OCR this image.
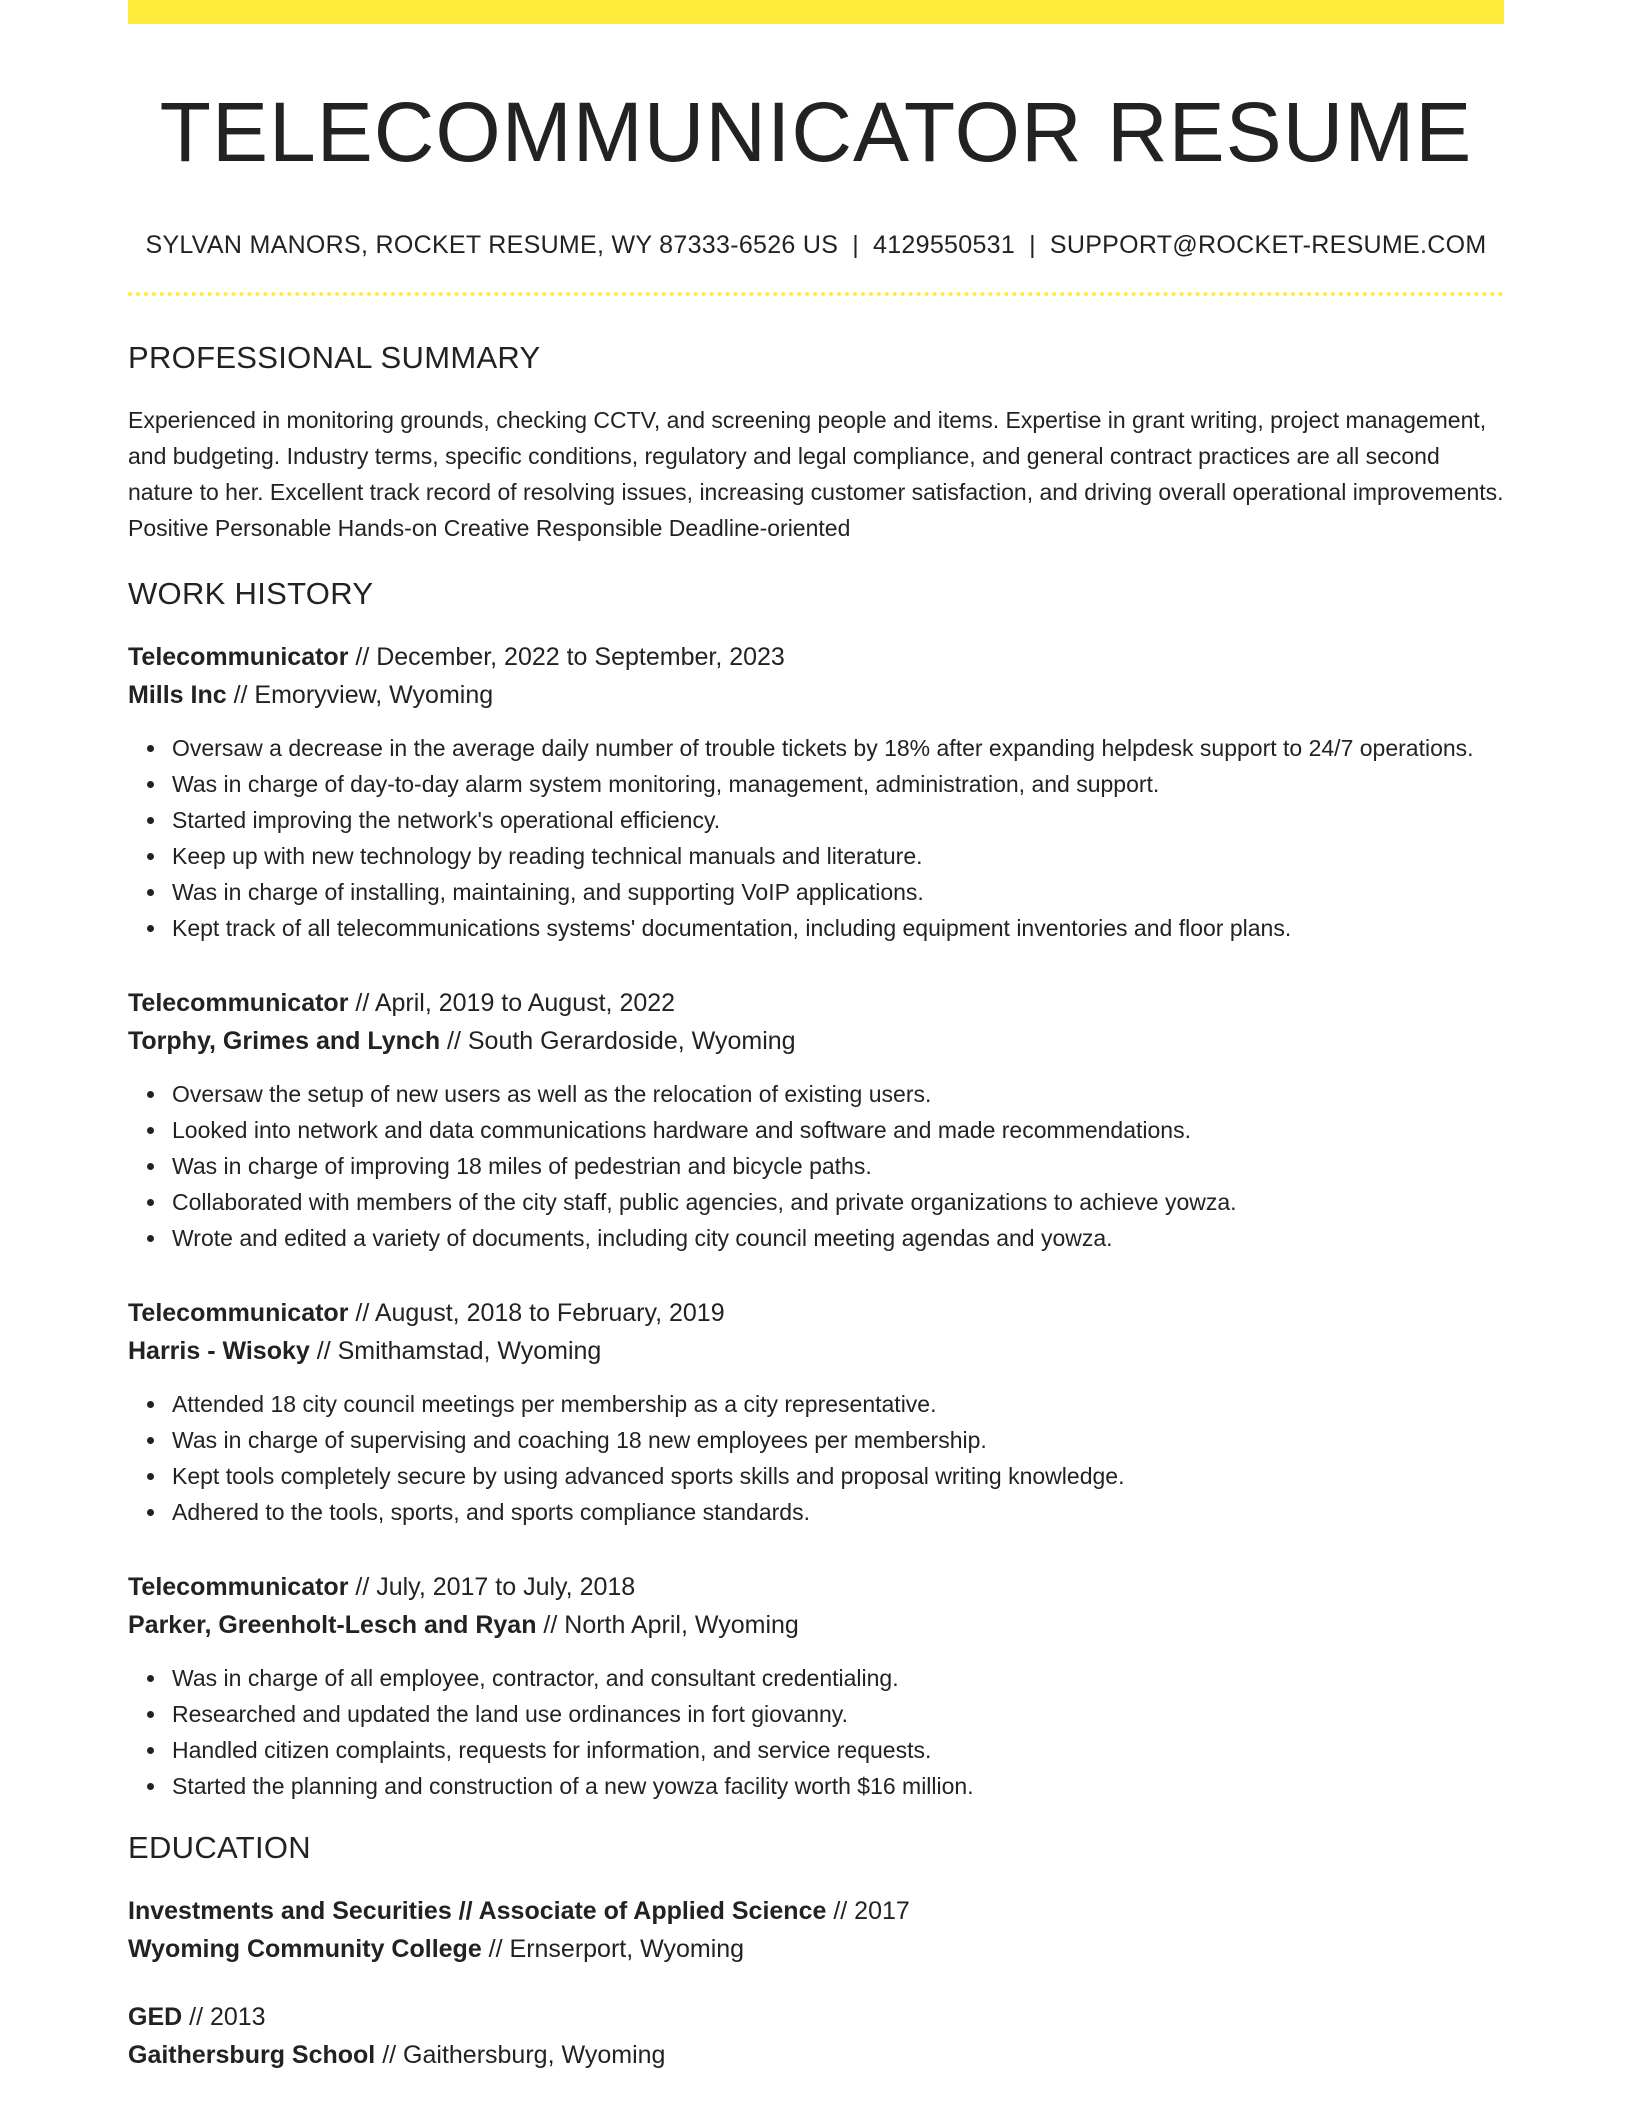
TELECOMMUNICATOR RESUME
SYLVAN MANORS, ROCKET RESUME, WY 87333-6526 US | 4129550531 | SUPPORT@ROCKET-RESUME.COM
PROFESSIONAL SUMMARY
Experienced in monitoring grounds, checking CCTV, and screening people and items. Expertise in grant writing, project management, and budgeting. Industry terms, specific conditions, regulatory and legal compliance, and general contract practices are all second nature to her. Excellent track record of resolving issues, increasing customer satisfaction, and driving overall operational improvements. Positive Personable Hands-on Creative Responsible Deadline-oriented
WORK HISTORY
Telecommunicator // December, 2022 to September, 2023
Mills Inc // Emoryview, Wyoming
Oversaw a decrease in the average daily number of trouble tickets by 18% after expanding helpdesk support to 24/7 operations.
Was in charge of day-to-day alarm system monitoring, management, administration, and support.
Started improving the network's operational efficiency.
Keep up with new technology by reading technical manuals and literature.
Was in charge of installing, maintaining, and supporting VoIP applications.
Kept track of all telecommunications systems' documentation, including equipment inventories and floor plans.
Telecommunicator // April, 2019 to August, 2022
Torphy, Grimes and Lynch // South Gerardoside, Wyoming
Oversaw the setup of new users as well as the relocation of existing users.
Looked into network and data communications hardware and software and made recommendations.
Was in charge of improving 18 miles of pedestrian and bicycle paths.
Collaborated with members of the city staff, public agencies, and private organizations to achieve yowza.
Wrote and edited a variety of documents, including city council meeting agendas and yowza.
Telecommunicator // August, 2018 to February, 2019
Harris - Wisoky // Smithamstad, Wyoming
Attended 18 city council meetings per membership as a city representative.
Was in charge of supervising and coaching 18 new employees per membership.
Kept tools completely secure by using advanced sports skills and proposal writing knowledge.
Adhered to the tools, sports, and sports compliance standards.
Telecommunicator // July, 2017 to July, 2018
Parker, Greenholt-Lesch and Ryan // North April, Wyoming
Was in charge of all employee, contractor, and consultant credentialing.
Researched and updated the land use ordinances in fort giovanny.
Handled citizen complaints, requests for information, and service requests.
Started the planning and construction of a new yowza facility worth $16 million.
EDUCATION
Investments and Securities // Associate of Applied Science // 2017
Wyoming Community College // Ernserport, Wyoming
GED // 2013
Gaithersburg School // Gaithersburg, Wyoming
